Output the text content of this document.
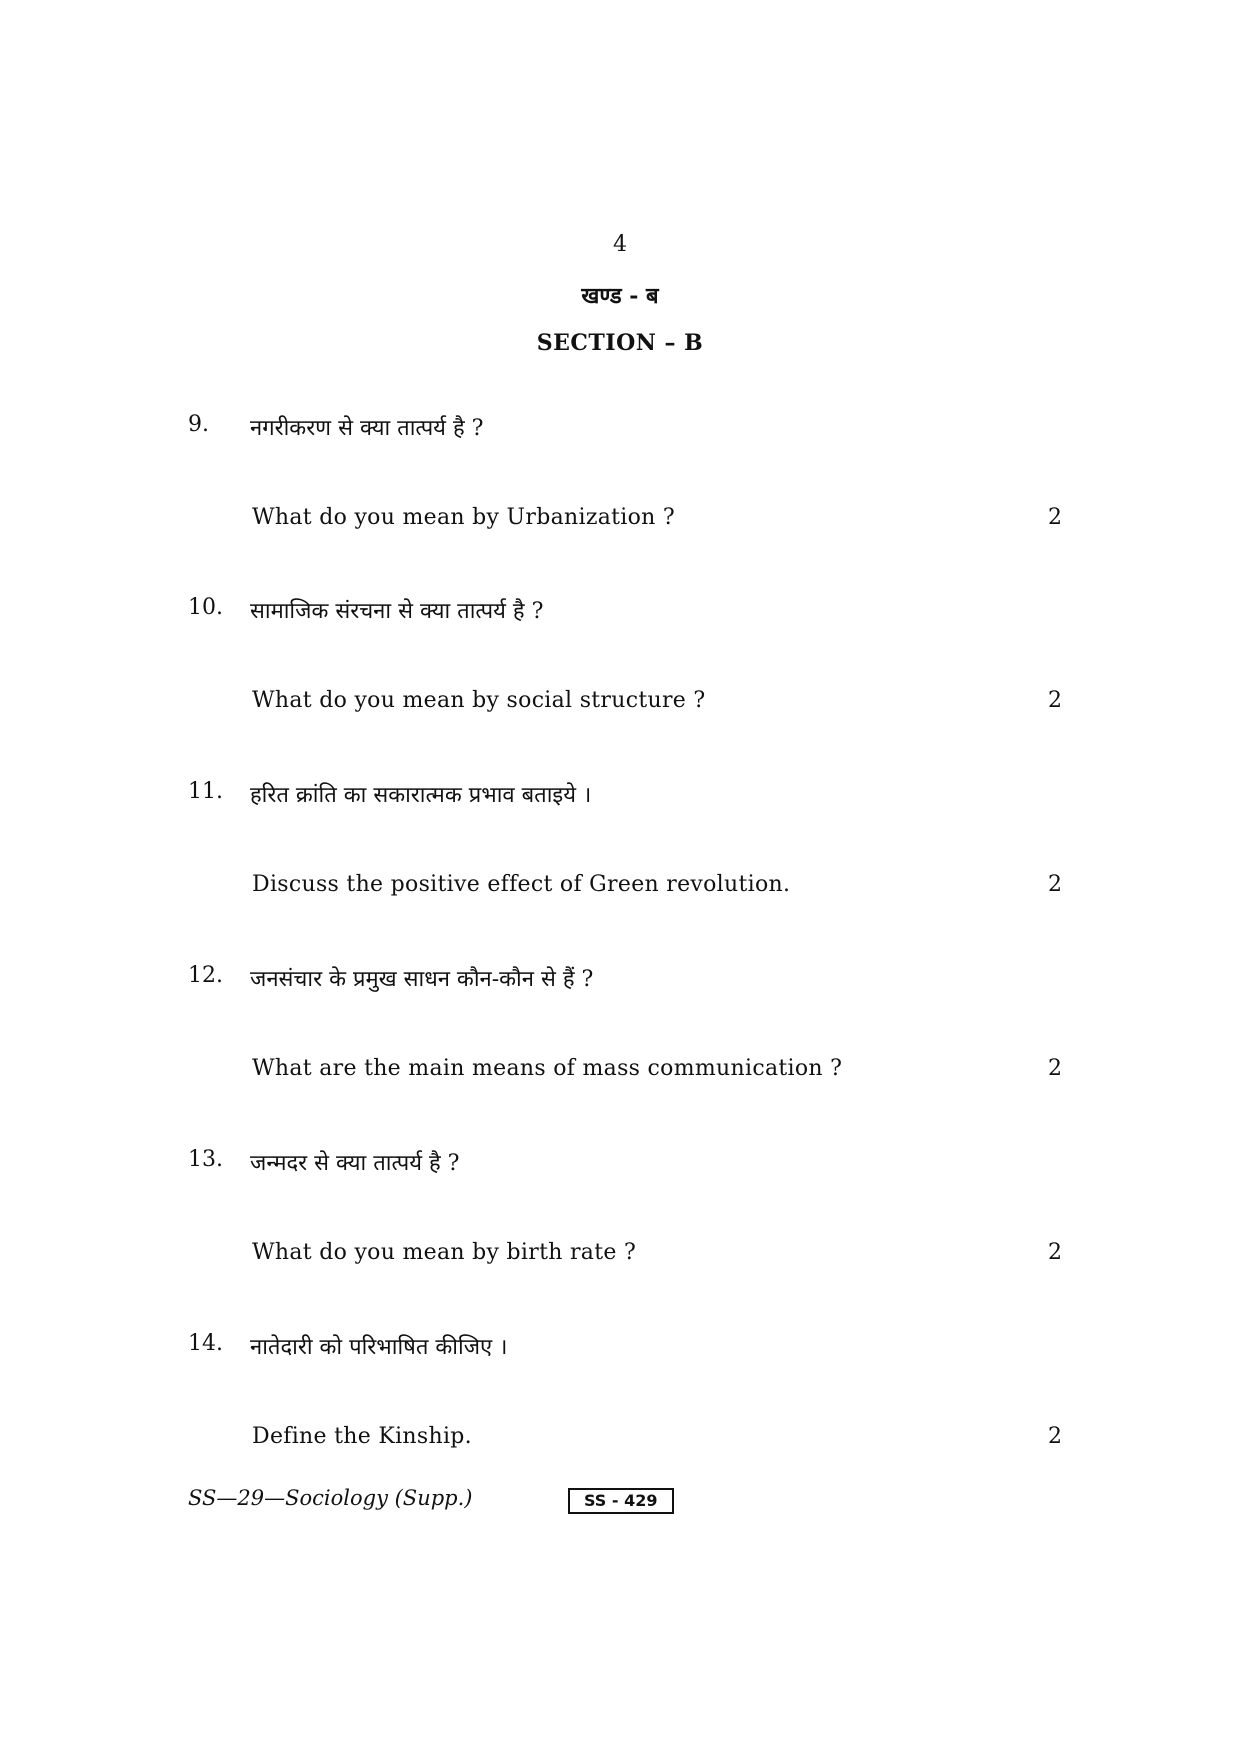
4
खण्ड - ब
SECTION – B
9. नगरीकरण से क्या तात्पर्य है ?
What do you mean by Urbanization ?	2
10. सामाजिक संरचना से क्या तात्पर्य है ?
What do you mean by social structure ?	2
11. हरित क्रांति का सकारात्मक प्रभाव बताइये ।
Discuss the positive effect of Green revolution.	2
12. जनसंचार के प्रमुख साधन कौन-कौन से हैं ?
What are the main means of mass communication ?	2
13. जन्मदर से क्या तात्पर्य है ?
What do you mean by birth rate ?	2
14. नातेदारी को परिभाषित कीजिए ।
Define the Kinship.	2
SS—29—Sociology (Supp.)	SS - 429
